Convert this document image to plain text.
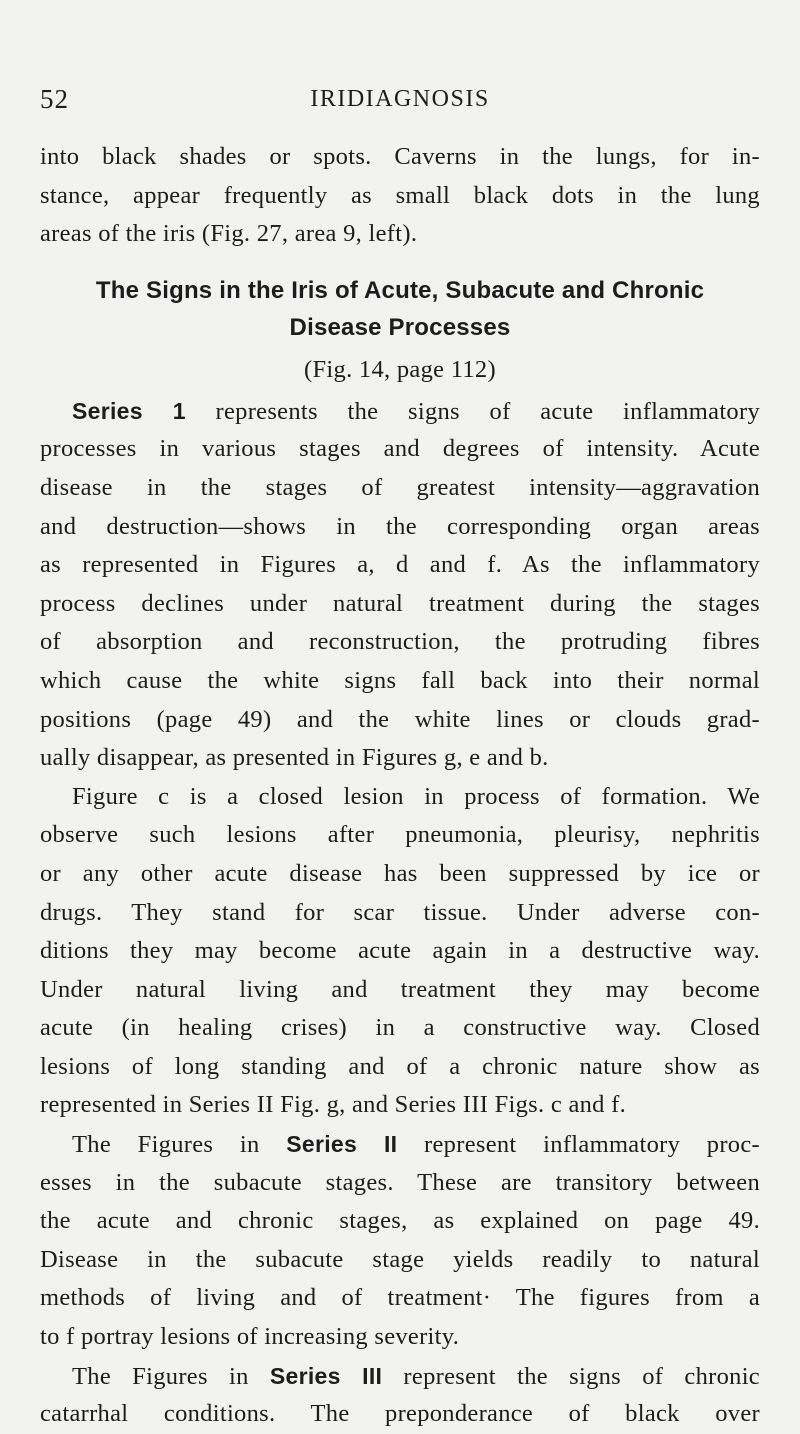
52	IRIDIAGNOSIS
into black shades or spots. Caverns in the lungs, for in-
stance, appear frequently as small black dots in the lung
areas of the iris (Fig. 27, area 9, left).
The Signs in the Iris of Acute, Subacute and Chronic
Disease Processes
(Fig. 14, page 112)
Series 1 represents the signs of acute inflammatory
processes in various stages and degrees of intensity. Acute
disease in the stages of greatest intensity—aggravation
and destruction—shows in the corresponding organ areas
as represented in Figures a, d and f. As the inflammatory
process declines under natural treatment during the stages
of absorption and reconstruction, the protruding fibres
which cause the white signs fall back into their normal
positions (page 49) and the white lines or clouds grad-
ually disappear, as presented in Figures g, e and b.
Figure c is a closed lesion in process of formation. We
observe such lesions after pneumonia, pleurisy, nephritis
or any other acute disease has been suppressed by ice or
drugs. They stand for scar tissue. Under adverse con-
ditions they may become acute again in a destructive way.
Under natural living and treatment they may become
acute (in healing crises) in a constructive way. Closed
lesions of long standing and of a chronic nature show as
represented in Series II Fig. g, and Series III Figs. c and f.
The Figures in Series II represent inflammatory proc-
esses in the subacute stages. These are transitory between
the acute and chronic stages, as explained on page 49.
Disease in the subacute stage yields readily to natural
methods of living and of treatment· The figures from a
to f portray lesions of increasing severity.
The Figures in Series III represent the signs of chronic
catarrhal conditions. The preponderance of black over
